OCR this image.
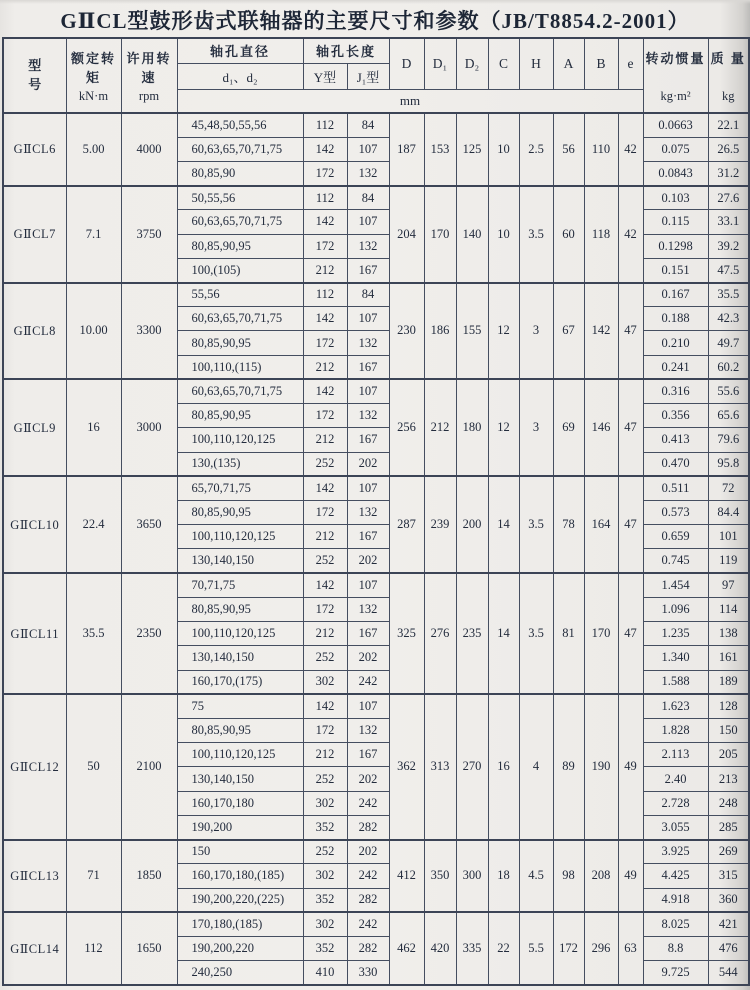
GⅡCL型鼓形齿式联轴器的主要尺寸和参数（JB/T8854.2-2001）
型号

额定转矩
kN·m

许用转速
rpm
	轴孔直径	轴孔长度	D	D₁	D₂	C	H	A	B	e	转动惯量
kg·m²

质 量
kg

			d₁、d₂	Y型	J₁型										
			mm												
GⅡCL6	5.00	4000	45,48,50,55,56	112	84	187	153	125	10	2.5	56	110	42	0.0663	22.1
			60,63,65,70,71,75	142	107									0.075	26.5
			80,85,90	172	132									0.0843	31.2
GⅡCL7	7.1	3750	50,55,56	112	84	204	170	140	10	3.5	60	118	42	0.103	27.6
			60,63,65,70,71,75	142	107									0.115	33.1
			80,85,90,95	172	132									0.1298	39.2
			100,(105)	212	167									0.151	47.5
GⅡCL8	10.00	3300	55,56	112	84	230	186	155	12	3	67	142	47	0.167	35.5
			60,63,65,70,71,75	142	107									0.188	42.3
			80,85,90,95	172	132									0.210	49.7
			100,110,(115)	212	167									0.241	60.2
GⅡCL9	16	3000	60,63,65,70,71,75	142	107	256	212	180	12	3	69	146	47	0.316	55.6
			80,85,90,95	172	132									0.356	65.6
			100,110,120,125	212	167									0.413	79.6
			130,(135)	252	202									0.470	95.8
GⅡCL10	22.4	3650	65,70,71,75	142	107	287	239	200	14	3.5	78	164	47	0.511	72
			80,85,90,95	172	132									0.573	84.4
			100,110,120,125	212	167									0.659	101
			130,140,150	252	202									0.745	119
GⅡCL11	35.5	2350	70,71,75	142	107	325	276	235	14	3.5	81	170	47	1.454	97
			80,85,90,95	172	132									1.096	114
			100,110,120,125	212	167									1.235	138
			130,140,150	252	202									1.340	161
			160,170,(175)	302	242									1.588	189
GⅡCL12	50	2100	75	142	107	362	313	270	16	4	89	190	49	1.623	128
			80,85,90,95	172	132									1.828	150
			100,110,120,125	212	167									2.113	205
			130,140,150	252	202									2.40	213
			160,170,180	302	242									2.728	248
			190,200	352	282									3.055	285
GⅡCL13	71	1850	150	252	202	412	350	300	18	4.5	98	208	49	3.925	269
			160,170,180,(185)	302	242									4.425	315
			190,200,220,(225)	352	282									4.918	360
GⅡCL14	112	1650	170,180,(185)	302	242	462	420	335	22	5.5	172	296	63	8.025	421
			190,200,220	352	282									8.8	476
			240,250	410	330									9.725	544
